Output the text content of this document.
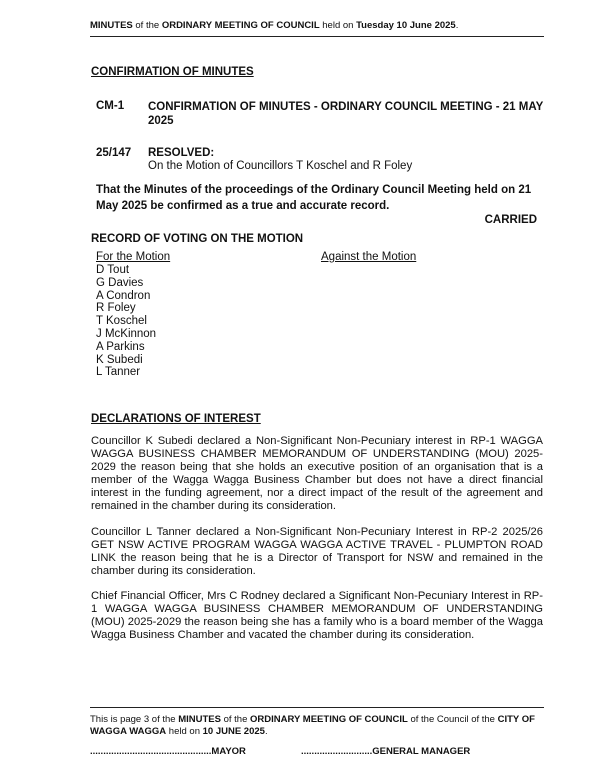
MINUTES of the ORDINARY MEETING OF COUNCIL held on Tuesday 10 June 2025.
CONFIRMATION OF MINUTES
CM-1 CONFIRMATION OF MINUTES - ORDINARY COUNCIL MEETING - 21 MAY 2025
25/147 RESOLVED:
On the Motion of Councillors T Koschel and R Foley
That the Minutes of the proceedings of the Ordinary Council Meeting held on 21 May 2025 be confirmed as a true and accurate record.
CARRIED
RECORD OF VOTING ON THE MOTION
For the Motion	Against the Motion
D Tout
G Davies
A Condron
R Foley
T Koschel
J McKinnon
A Parkins
K Subedi
L Tanner
DECLARATIONS OF INTEREST
Councillor K Subedi declared a Non-Significant Non-Pecuniary interest in RP-1 WAGGA WAGGA BUSINESS CHAMBER MEMORANDUM OF UNDERSTANDING (MOU) 2025-2029 the reason being that she holds an executive position of an organisation that is a member of the Wagga Wagga Business Chamber but does not have a direct financial interest in the funding agreement, nor a direct impact of the result of the agreement and remained in the chamber during its consideration.
Councillor L Tanner declared a Non-Significant Non-Pecuniary Interest in RP-2 2025/26 GET NSW ACTIVE PROGRAM WAGGA WAGGA ACTIVE TRAVEL - PLUMPTON ROAD LINK the reason being that he is a Director of Transport for NSW and remained in the chamber during its consideration.
Chief Financial Officer, Mrs C Rodney declared a Significant Non-Pecuniary Interest in RP-1 WAGGA WAGGA BUSINESS CHAMBER MEMORANDUM OF UNDERSTANDING (MOU) 2025-2029 the reason being she has a family who is a board member of the Wagga Wagga Business Chamber and vacated the chamber during its consideration.
This is page 3 of the MINUTES of the ORDINARY MEETING OF COUNCIL of the Council of the CITY OF WAGGA WAGGA held on 10 JUNE 2025.
..............................................MAYOR	...........................GENERAL MANAGER
